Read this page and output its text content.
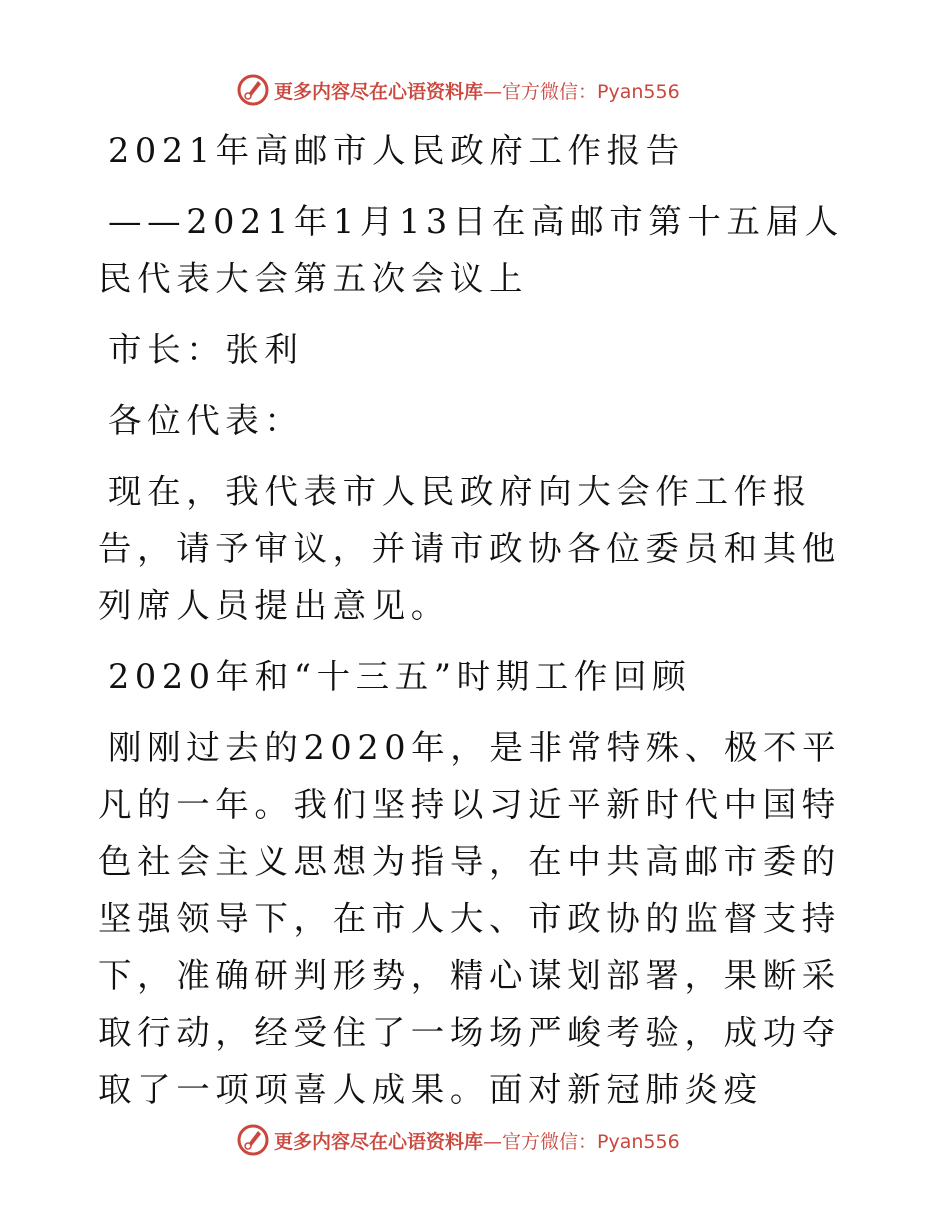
更多内容尽在心语资料库—官方微信：Pyan556

2021年高邮市人民政府工作报告

——2021年1月13日在高邮市第十五届人民代表大会第五次会议上

市长：张利

各位代表：

现在，我代表市人民政府向大会作工作报告，请予审议，并请市政协各位委员和其他列席人员提出意见。

2020年和“十三五”时期工作回顾

刚刚过去的2020年，是非常特殊、极不平凡的一年。我们坚持以习近平新时代中国特色社会主义思想为指导，在中共高邮市委的坚强领导下，在市人大、市政协的监督支持下，准确研判形势，精心谋划部署，果断采取行动，经受住了一场场严峻考验，成功夺取了一项项喜人成果。面对新冠肺炎疫

更多内容尽在心语资料库—官方微信：Pyan556
